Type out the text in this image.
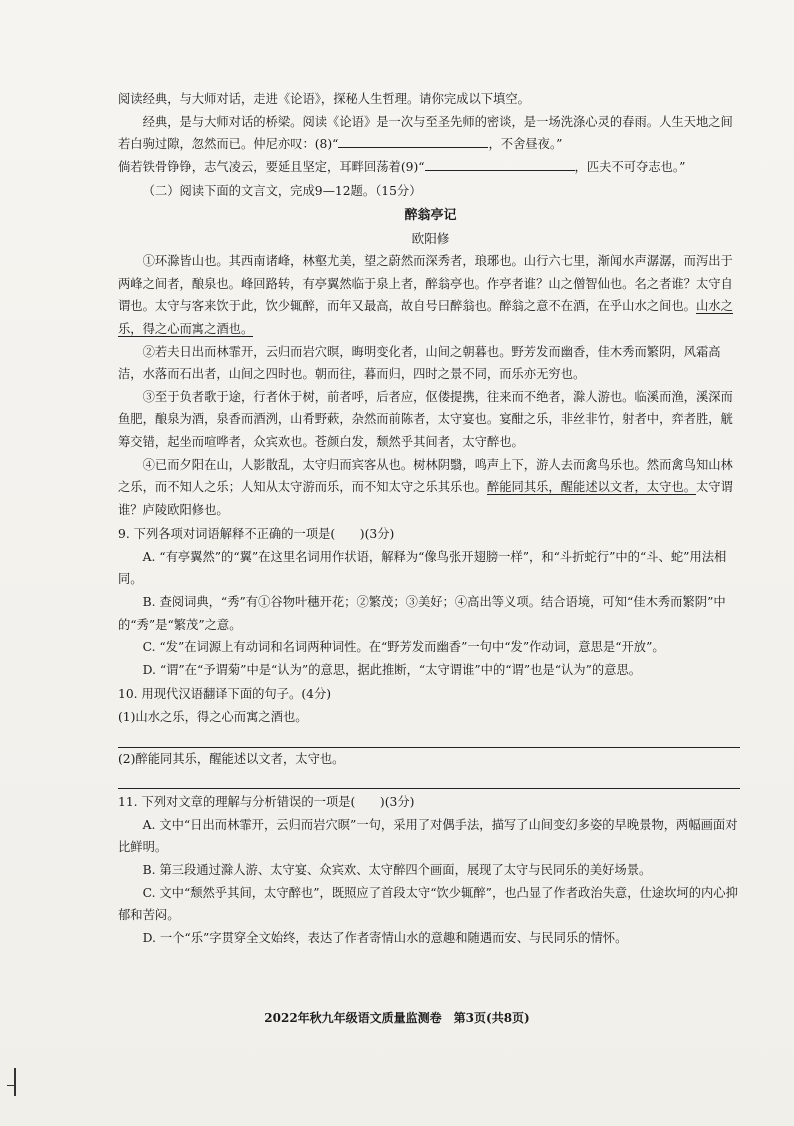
阅读经典，与大师对话，走进《论语》，探秘人生哲理。请你完成以下填空。

经典，是与大师对话的桥梁。阅读《论语》是一次与至圣先师的密谈，是一场洗涤心灵的春雨。人生天地之间若白驹过隙，忽然而已。仲尼亦叹：(8)“	，不舍昼夜。”

倘若铁骨铮铮，志气凌云，要延且坚定，耳畔回荡着(9)“	，匹夫不可夺志也。”

（二）阅读下面的文言文，完成9—12题。（15分）

醉翁亭记

欧阳修

①环滁皆山也。其西南诸峰，林壑尤美，望之蔚然而深秀者，琅琊也。山行六七里，渐闻水声潺潺，而泻出于两峰之间者，酿泉也。峰回路转，有亭翼然临于泉上者，醉翁亭也。作亭者谁？山之僧智仙也。名之者谁？太守自谓也。太守与客来饮于此，饮少辄醉，而年又最高，故自号曰醉翁也。醉翁之意不在酒，在乎山水之间也。山水之乐，得之心而寓之酒也。

②若夫日出而林霏开，云归而岩穴暝，晦明变化者，山间之朝暮也。野芳发而幽香，佳木秀而繁阴，风霜高洁，水落而石出者，山间之四时也。朝而往，暮而归，四时之景不同，而乐亦无穷也。

③至于负者歌于途，行者休于树，前者呼，后者应，伛偻提携，往来而不绝者，滁人游也。临溪而渔，溪深而鱼肥，酿泉为酒，泉香而酒洌，山肴野蔌，杂然而前陈者，太守宴也。宴酣之乐，非丝非竹，射者中，弈者胜，觥筹交错，起坐而喧哗者，众宾欢也。苍颜白发，颓然乎其间者，太守醉也。

④已而夕阳在山，人影散乱，太守归而宾客从也。树林阴翳，鸣声上下，游人去而禽鸟乐也。然而禽鸟知山林之乐，而不知人之乐；人知从太守游而乐，而不知太守之乐其乐也。醉能同其乐，醒能述以文者，太守也。太守谓谁？庐陵欧阳修也。

9. 下列各项对词语解释不正确的一项是(　　)(3分)

A. “有亭翼然”的“翼”在这里名词用作状语，解释为“像鸟张开翅膀一样”，和“斗折蛇行”中的“斗、蛇”用法相同。

B. 查阅词典，“秀”有①谷物叶穗开花；②繁茂；③美好；④高出等义项。结合语境，可知“佳木秀而繁阴”中的“秀”是“繁茂”之意。

C. “发”在词源上有动词和名词两种词性。在“野芳发而幽香”一句中“发”作动词，意思是“开放”。

D. “谓”在“予谓菊”中是“认为”的意思，据此推断，“太守谓谁”中的“谓”也是“认为”的意思。

10. 用现代汉语翻译下面的句子。(4分)

(1)山水之乐，得之心而寓之酒也。

(2)醉能同其乐，醒能述以文者，太守也。

11. 下列对文章的理解与分析错误的一项是(　　)(3分)

A. 文中“日出而林霏开，云归而岩穴暝”一句，采用了对偶手法，描写了山间变幻多姿的早晚景物，两幅画面对比鲜明。

B. 第三段通过滁人游、太守宴、众宾欢、太守醉四个画面，展现了太守与民同乐的美好场景。

C. 文中“颓然乎其间，太守醉也”，既照应了首段太守“饮少辄醉”，也凸显了作者政治失意，仕途坎坷的内心抑郁和苦闷。

D. 一个“乐”字贯穿全文始终，表达了作者寄情山水的意趣和随遇而安、与民同乐的情怀。

2022年秋九年级语文质量监测卷　第3页(共8页)
